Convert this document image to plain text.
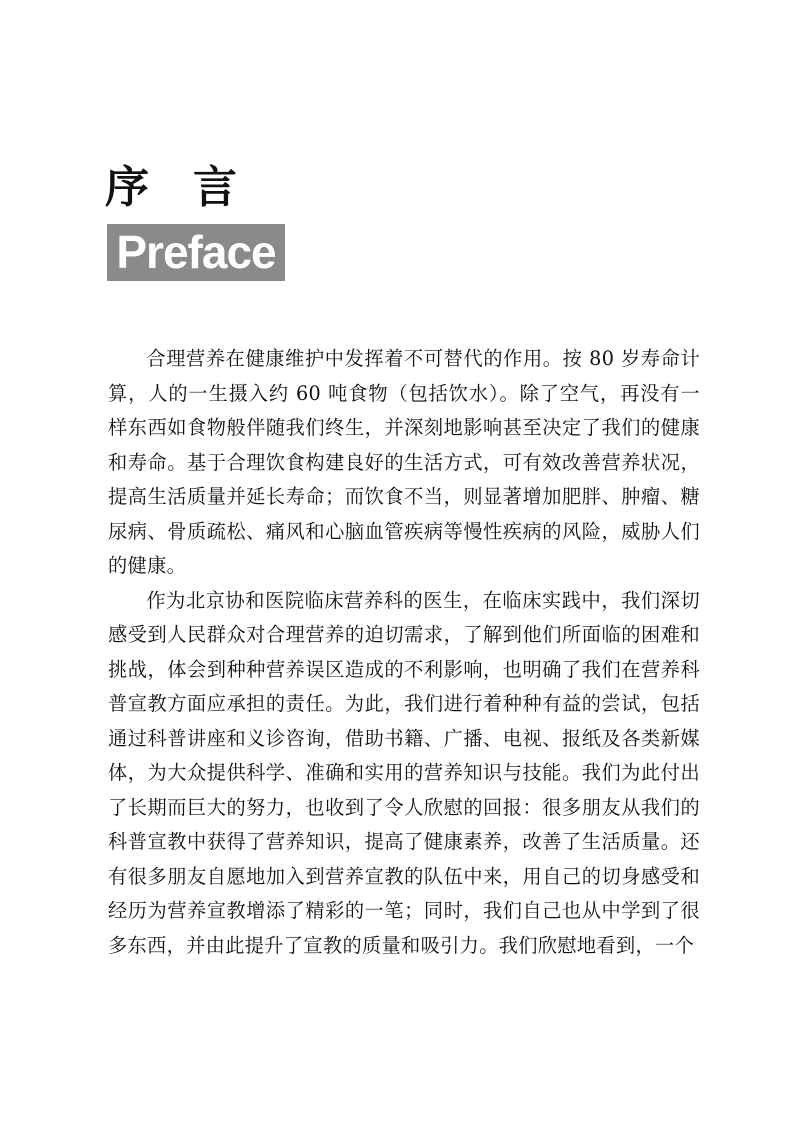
序 言
Preface

合理营养在健康维护中发挥着不可替代的作用。按 80 岁寿命计算，人的一生摄入约 60 吨食物（包括饮水）。除了空气，再没有一样东西如食物般伴随我们终生，并深刻地影响甚至决定了我们的健康和寿命。基于合理饮食构建良好的生活方式，可有效改善营养状况，提高生活质量并延长寿命；而饮食不当，则显著增加肥胖、肿瘤、糖尿病、骨质疏松、痛风和心脑血管疾病等慢性疾病的风险，威胁人们的健康。

作为北京协和医院临床营养科的医生，在临床实践中，我们深切感受到人民群众对合理营养的迫切需求，了解到他们所面临的困难和挑战，体会到种种营养误区造成的不利影响，也明确了我们在营养科普宣教方面应承担的责任。为此，我们进行着种种有益的尝试，包括通过科普讲座和义诊咨询，借助书籍、广播、电视、报纸及各类新媒体，为大众提供科学、准确和实用的营养知识与技能。我们为此付出了长期而巨大的努力，也收到了令人欣慰的回报：很多朋友从我们的科普宣教中获得了营养知识，提高了健康素养，改善了生活质量。还有很多朋友自愿地加入到营养宣教的队伍中来，用自己的切身感受和经历为营养宣教增添了精彩的一笔；同时，我们自己也从中学到了很多东西，并由此提升了宣教的质量和吸引力。我们欣慰地看到，一个
